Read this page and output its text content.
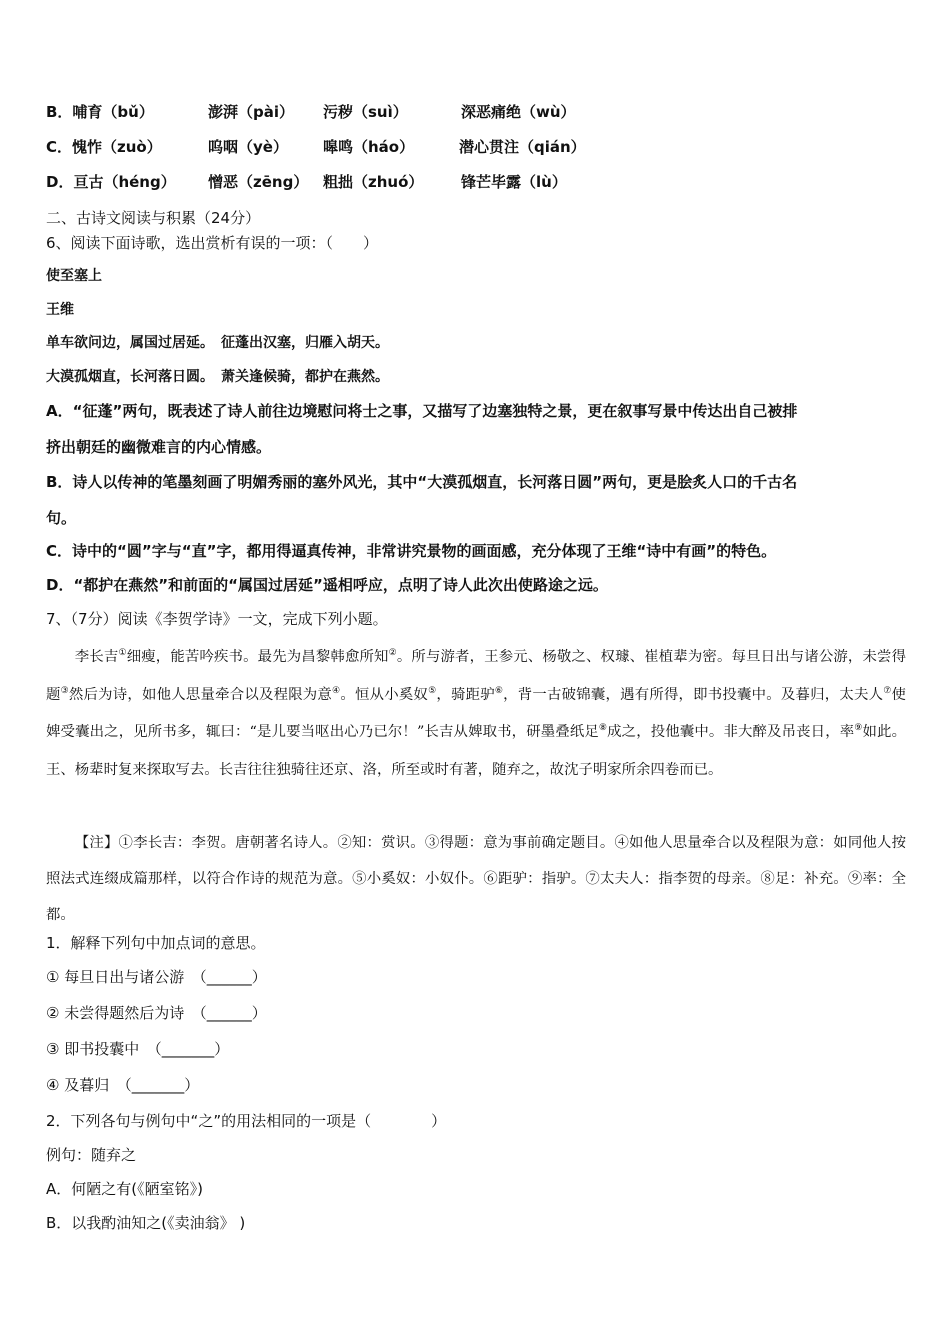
B．哺育（bǔ）	澎湃（pài） 污秽（suì）	深恶痛绝（wù）
C．愧怍（zuò）	呜咽（yè） 嗥鸣（háo）	潜心贯注（qián）
D．亘古（héng） 憎恶（zēng） 粗拙（zhuó）	锋芒毕露（lù）
二、古诗文阅读与积累（24分）
6、阅读下面诗歌，选出赏析有误的一项：（　　）
使至塞上
王维
单车欲问边，属国过居延。　征蓬出汉塞，归雁入胡天。
大漠孤烟直，长河落日圆。　萧关逢候骑，都护在燕然。
A．“征蓬”两句，既表述了诗人前往边境慰问将士之事，又描写了边塞独特之景，更在叙事写景中传达出自己被排
挤出朝廷的幽微难言的内心情感。
B．诗人以传神的笔墨刻画了明媚秀丽的塞外风光，其中“大漠孤烟直，长河落日圆”两句，更是脍炙人口的千古名
句。
C．诗中的“圆”字与“直”字，都用得逼真传神，非常讲究景物的画面感，充分体现了王维“诗中有画”的特色。
D．“都护在燕然”和前面的“属国过居延”遥相呼应，点明了诗人此次出使路途之远。
7、（7分）阅读《李贺学诗》一文，完成下列小题。
李长吉①细瘦，能苦吟疾书。最先为昌黎韩愈所知②。所与游者，王参元、杨敬之、权璩、崔植辈为密。每旦日出与诸公游，未尝得题③然后为诗，如他人思量牵合以及程限为意④。恒从小奚奴⑤，骑距驴⑥，背一古破锦囊，遇有所得，即书投囊中。及暮归，太夫人⑦使婢受囊出之，见所书多，辄曰：“是儿要当呕出心乃已尔！”长吉从婢取书，研墨叠纸足⑧成之，投他囊中。非大醉及吊丧日，率⑨如此。王、杨辈时复来探取写去。长吉往往独骑往还京、洛，所至或时有著，随弃之，故沈子明家所余四卷而已。
【注】①李长吉：李贺。唐朝著名诗人。②知：赏识。③得题：意为事前确定题目。④如他人思量牵合以及程限为意：如同他人按照法式连缀成篇那样，以符合作诗的规范为意。⑤小奚奴：小奴仆。⑥距驴：指驴。⑦太夫人：指李贺的母亲。⑧足：补充。⑨率：全都。
1．解释下列句中加点词的意思。
① 每旦日出与诸公游　（______）
② 未尝得题然后为诗　（______）
③ 即书投囊中　（_______）
④ 及暮归　（_______）
2．下列各句与例句中“之”的用法相同的一项是（　　　　）
例句：随弃之
A．何陋之有(《陋室铭》)
B．以我酌油知之(《卖油翁》 )
